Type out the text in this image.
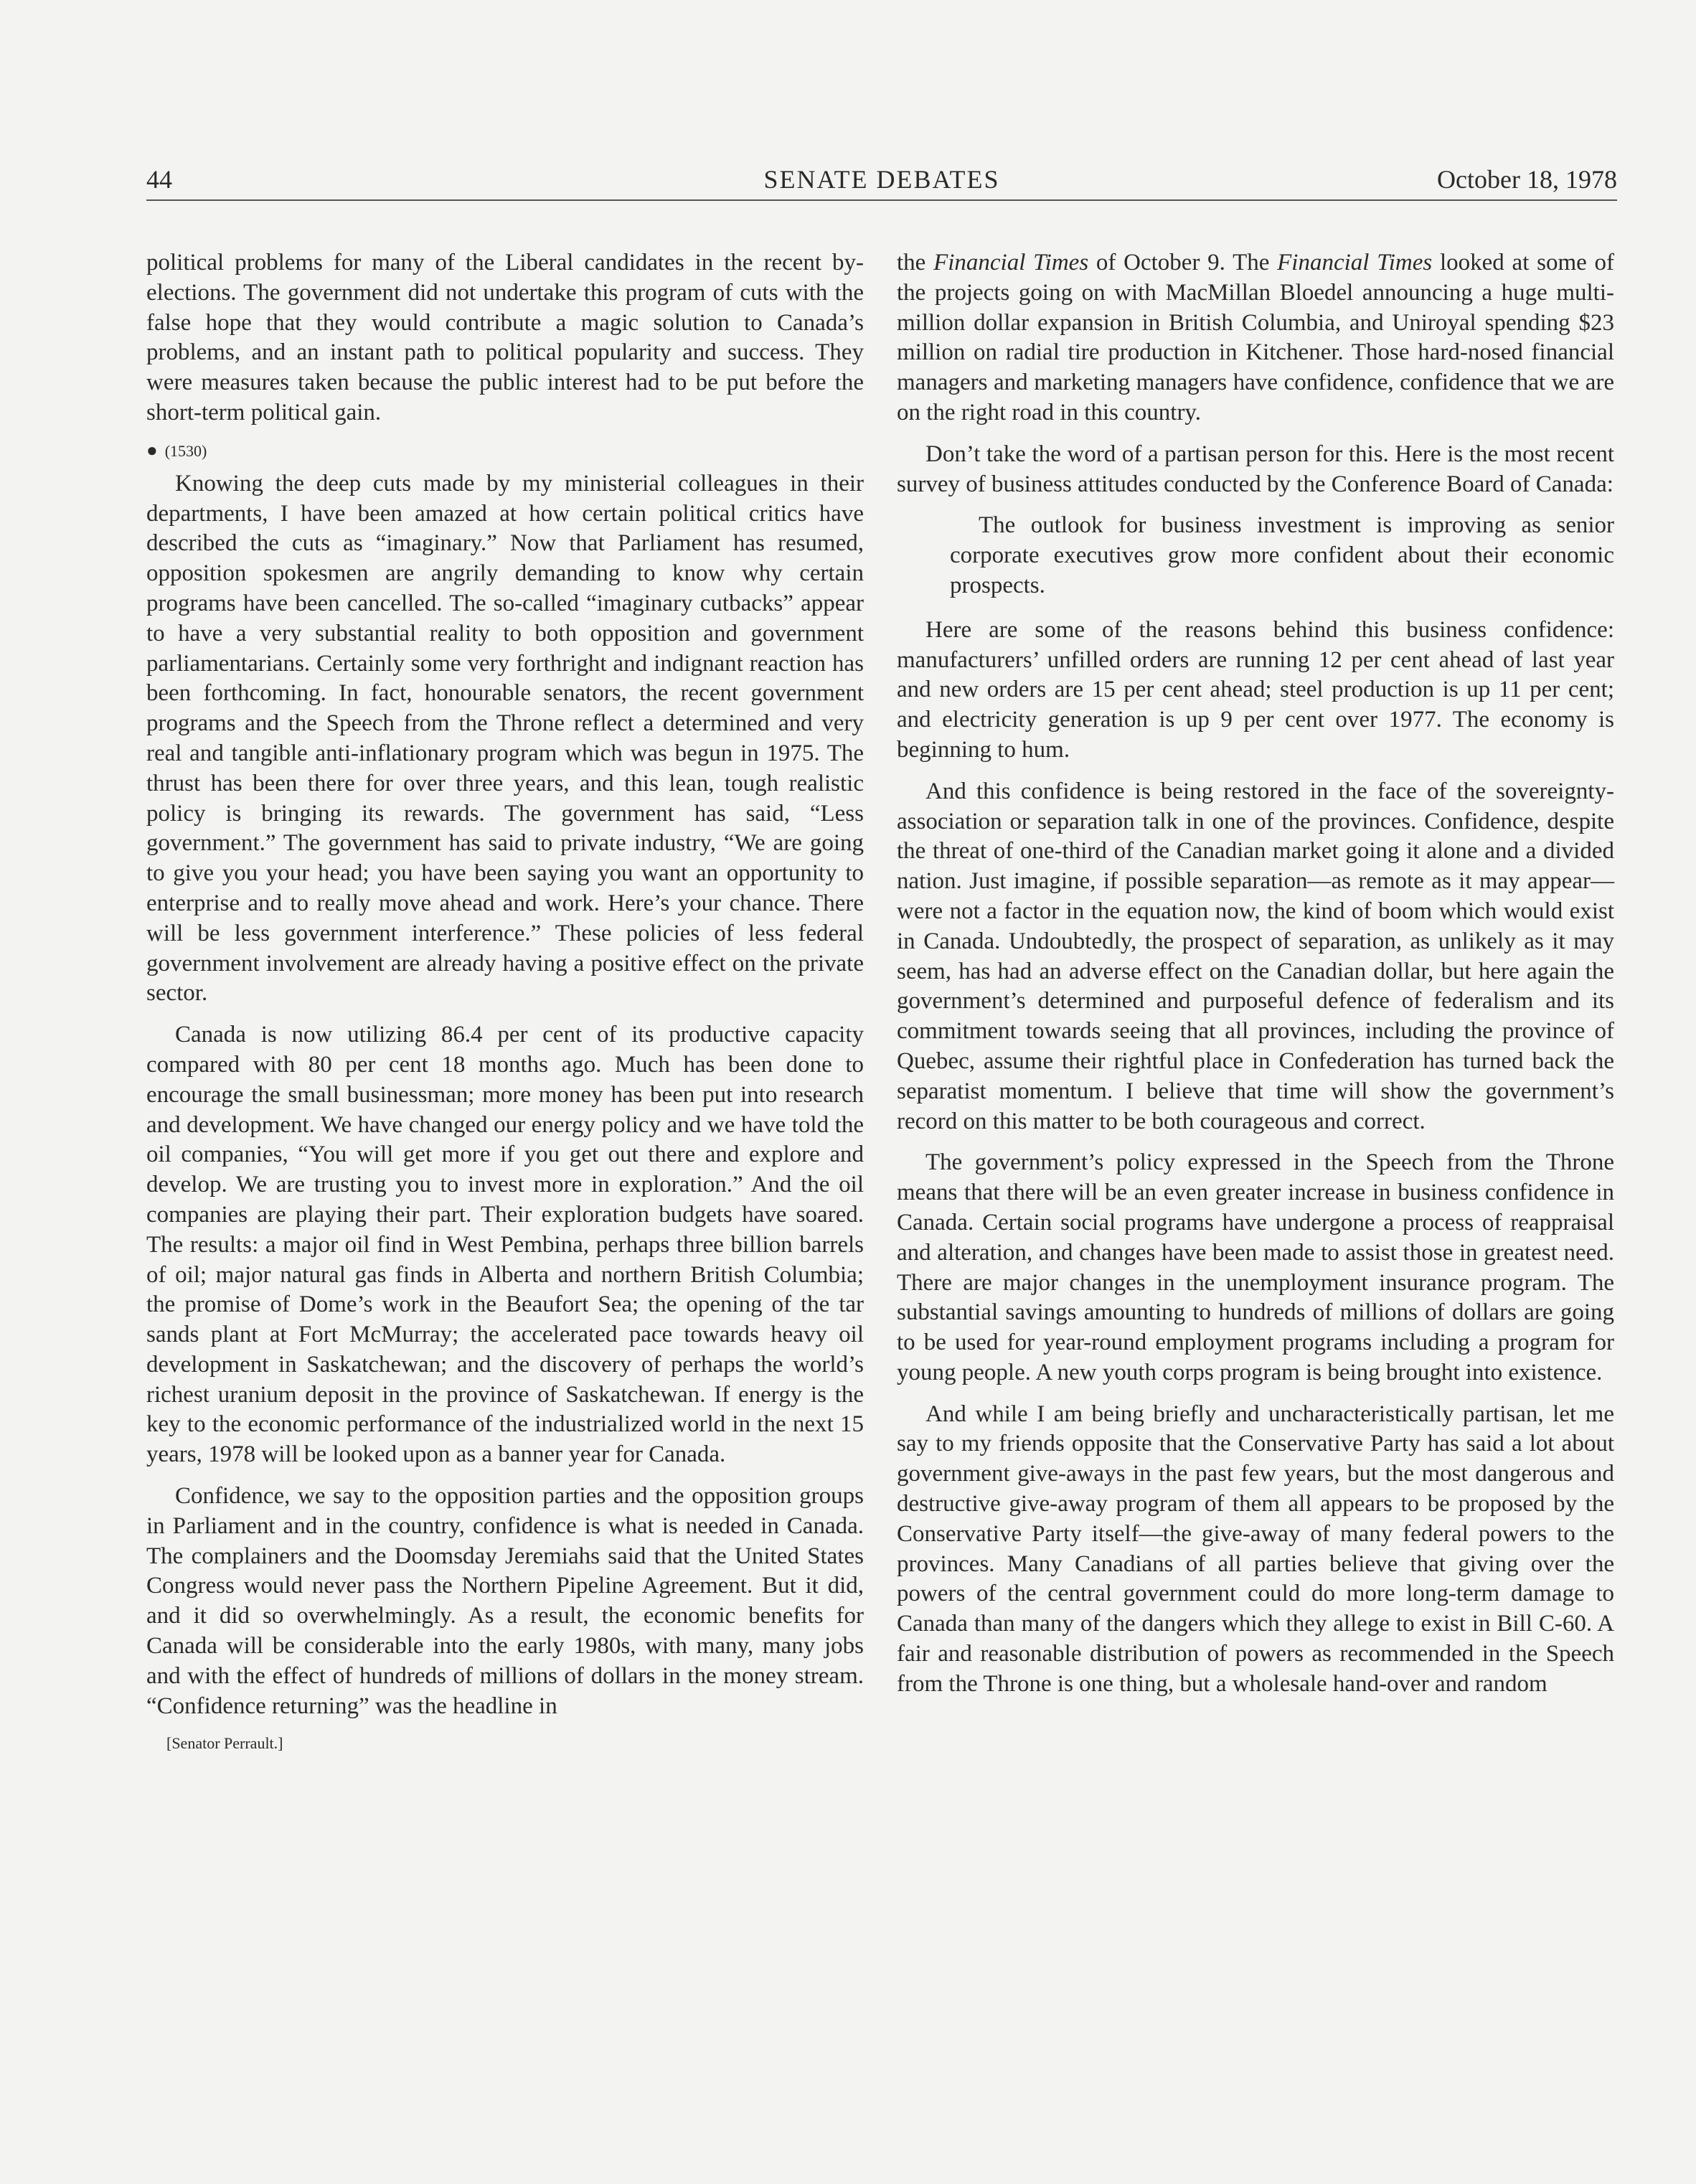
44	SENATE DEBATES	October 18, 1978

political problems for many of the Liberal candidates in the recent by-elections. The government did not undertake this program of cuts with the false hope that they would contribute a magic solution to Canada’s problems, and an instant path to political popularity and success. They were measures taken because the public interest had to be put before the short-term political gain.

● (1530)

Knowing the deep cuts made by my ministerial colleagues in their departments, I have been amazed at how certain political critics have described the cuts as “imaginary.” Now that Parliament has resumed, opposition spokesmen are angrily demanding to know why certain programs have been cancelled. The so-called “imaginary cutbacks” appear to have a very substantial reality to both opposition and government parliamentarians. Certainly some very forthright and indignant reaction has been forthcoming. In fact, honourable senators, the recent government programs and the Speech from the Throne reflect a determined and very real and tangible anti-inflationary program which was begun in 1975. The thrust has been there for over three years, and this lean, tough realistic policy is bringing its rewards. The government has said, “Less government.” The government has said to private industry, “We are going to give you your head; you have been saying you want an opportunity to enterprise and to really move ahead and work. Here’s your chance. There will be less government interference.” These policies of less federal government involvement are already having a positive effect on the private sector.

Canada is now utilizing 86.4 per cent of its productive capacity compared with 80 per cent 18 months ago. Much has been done to encourage the small businessman; more money has been put into research and development. We have changed our energy policy and we have told the oil companies, “You will get more if you get out there and explore and develop. We are trusting you to invest more in exploration.” And the oil companies are playing their part. Their exploration budgets have soared. The results: a major oil find in West Pembina, perhaps three billion barrels of oil; major natural gas finds in Alberta and northern British Columbia; the promise of Dome’s work in the Beaufort Sea; the opening of the tar sands plant at Fort McMurray; the accelerated pace towards heavy oil development in Saskatchewan; and the discovery of perhaps the world’s richest uranium deposit in the province of Saskatchewan. If energy is the key to the economic performance of the industrialized world in the next 15 years, 1978 will be looked upon as a banner year for Canada.

Confidence, we say to the opposition parties and the opposition groups in Parliament and in the country, confidence is what is needed in Canada. The complainers and the Doomsday Jeremiahs said that the United States Congress would never pass the Northern Pipeline Agreement. But it did, and it did so overwhelmingly. As a result, the economic benefits for Canada will be considerable into the early 1980s, with many, many jobs and with the effect of hundreds of millions of dollars in the money stream. “Confidence returning” was the headline in

[Senator Perrault.]

the Financial Times of October 9. The Financial Times looked at some of the projects going on with MacMillan Bloedel announcing a huge multi-million dollar expansion in British Columbia, and Uniroyal spending $23 million on radial tire production in Kitchener. Those hard-nosed financial managers and marketing managers have confidence, confidence that we are on the right road in this country.

Don’t take the word of a partisan person for this. Here is the most recent survey of business attitudes conducted by the Conference Board of Canada:

The outlook for business investment is improving as senior corporate executives grow more confident about their economic prospects.

Here are some of the reasons behind this business confidence: manufacturers’ unfilled orders are running 12 per cent ahead of last year and new orders are 15 per cent ahead; steel production is up 11 per cent; and electricity generation is up 9 per cent over 1977. The economy is beginning to hum.

And this confidence is being restored in the face of the sovereignty-association or separation talk in one of the provinces. Confidence, despite the threat of one-third of the Canadian market going it alone and a divided nation. Just imagine, if possible separation—as remote as it may appear—were not a factor in the equation now, the kind of boom which would exist in Canada. Undoubtedly, the prospect of separation, as unlikely as it may seem, has had an adverse effect on the Canadian dollar, but here again the government’s determined and purposeful defence of federalism and its commitment towards seeing that all provinces, including the province of Quebec, assume their rightful place in Confederation has turned back the separatist momentum. I believe that time will show the government’s record on this matter to be both courageous and correct.

The government’s policy expressed in the Speech from the Throne means that there will be an even greater increase in business confidence in Canada. Certain social programs have undergone a process of reappraisal and alteration, and changes have been made to assist those in greatest need. There are major changes in the unemployment insurance program. The substantial savings amounting to hundreds of millions of dollars are going to be used for year-round employment programs including a program for young people. A new youth corps program is being brought into existence.

And while I am being briefly and uncharacteristically partisan, let me say to my friends opposite that the Conservative Party has said a lot about government give-aways in the past few years, but the most dangerous and destructive give-away program of them all appears to be proposed by the Conservative Party itself—the give-away of many federal powers to the provinces. Many Canadians of all parties believe that giving over the powers of the central government could do more long-term damage to Canada than many of the dangers which they allege to exist in Bill C-60. A fair and reasonable distribution of powers as recommended in the Speech from the Throne is one thing, but a wholesale hand-over and random
